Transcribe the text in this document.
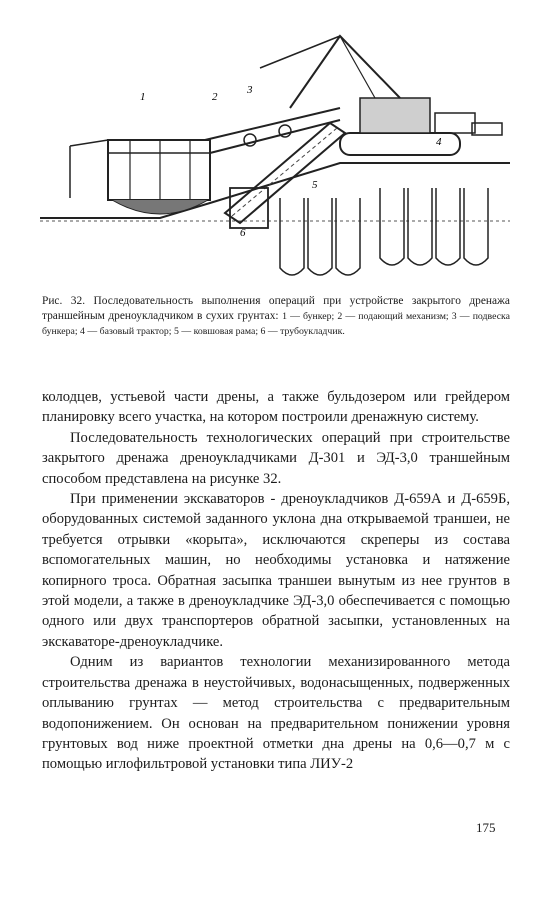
1	2
3
4
5
6
Рис. 32. Последовательность выполнения операций при устройстве закрытого дренажа траншейным дреноукладчиком в сухих грунтах: 1 — бункер; 2 — подающий механизм; 3 — подвеска бункера; 4 — базовый трактор; 5 — ковшовая рама; 6 — трубоукладчик.

колодцев, устьевой части дрены, а также бульдозером или грейдером планировку всего участка, на котором построили дренажную систему.

Последовательность технологических операций при строительстве закрытого дренажа дреноукладчиками Д-301 и ЭД-3,0 траншейным способом представлена на рисунке 32.

При применении экскаваторов - дреноукладчиков Д-659А и Д-659Б, оборудованных системой заданного уклона дна открываемой траншеи, не требуется отрывки «корыта», исключаются скреперы из состава вспомогательных машин, но необходимы установка и натяжение копирного троса. Обратная засыпка траншеи вынутым из нее грунтов в этой модели, а также в дреноукладчике ЭД-3,0 обеспечивается с помощью одного или двух транспортеров обратной засыпки, установленных на экскаваторе-дреноукладчике.

Одним из вариантов технологии механизированного метода строительства дренажа в неустойчивых, водонасыщенных, подверженных оплыванию грунтах — метод строительства с предварительным водопонижением. Он основан на предварительном понижении уровня грунтовых вод ниже проектной отметки дна дрены на 0,6—0,7 м с помощью иглофильтровой установки типа ЛИУ-2

175
